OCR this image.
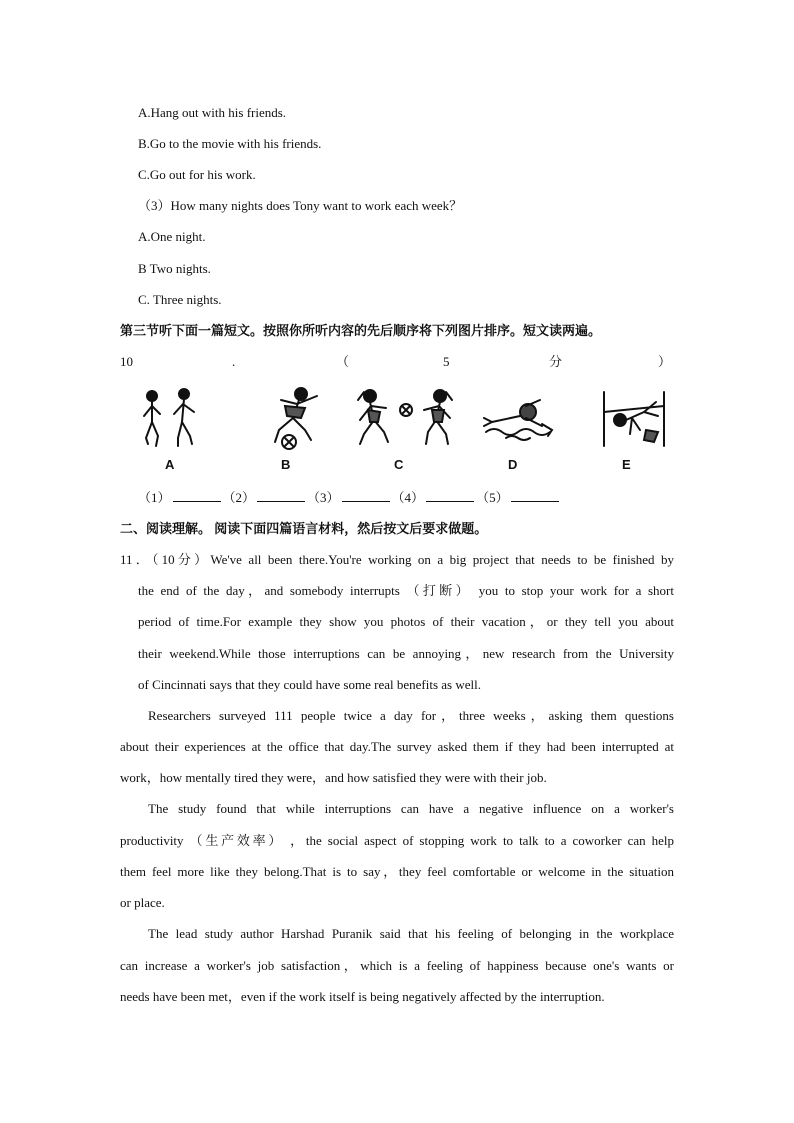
A.Hang out with his friends.
B.Go to the movie with his friends.
C.Go out for his work.
（3）How many nights does Tony want to work each week？
A.One night.
B Two nights.
C. Three nights.
第三节听下面一篇短文。按照你所听内容的先后顺序将下列图片排序。短文读两遍。
10	.	（	5	分	）
A	B	C	D	E
（1）	（2）	（3）	（4）	（5）
二、阅读理解。 阅读下面四篇语言材料，然后按文后要求做题。
11．（10分）We've all been there.You're working on a big project that needs to be finished by
the end of the day，and somebody interrupts （打断） you to stop your work for a short
period of time.For example they show you photos of their vacation，or they tell you about
their weekend.While those interruptions can be annoying，new research from the University
of Cincinnati says that they could have some real benefits as well.
Researchers surveyed 111 people twice a day for，three weeks，asking them questions
about their experiences at the office that day.The survey asked them if they had been interrupted at
work，how mentally tired they were，and how satisfied they were with their job.
The study found that while interruptions can have a negative influence on a worker's
productivity （生产效率） ，the social aspect of stopping work to talk to a coworker can help
them feel more like they belong.That is to say，they feel comfortable or welcome in the situation
or place.
The lead study author Harshad Puranik said that his feeling of belonging in the workplace
can increase a worker's job satisfaction，which is a feeling of happiness because one's wants or
needs have been met，even if the work itself is being negatively affected by the interruption.
